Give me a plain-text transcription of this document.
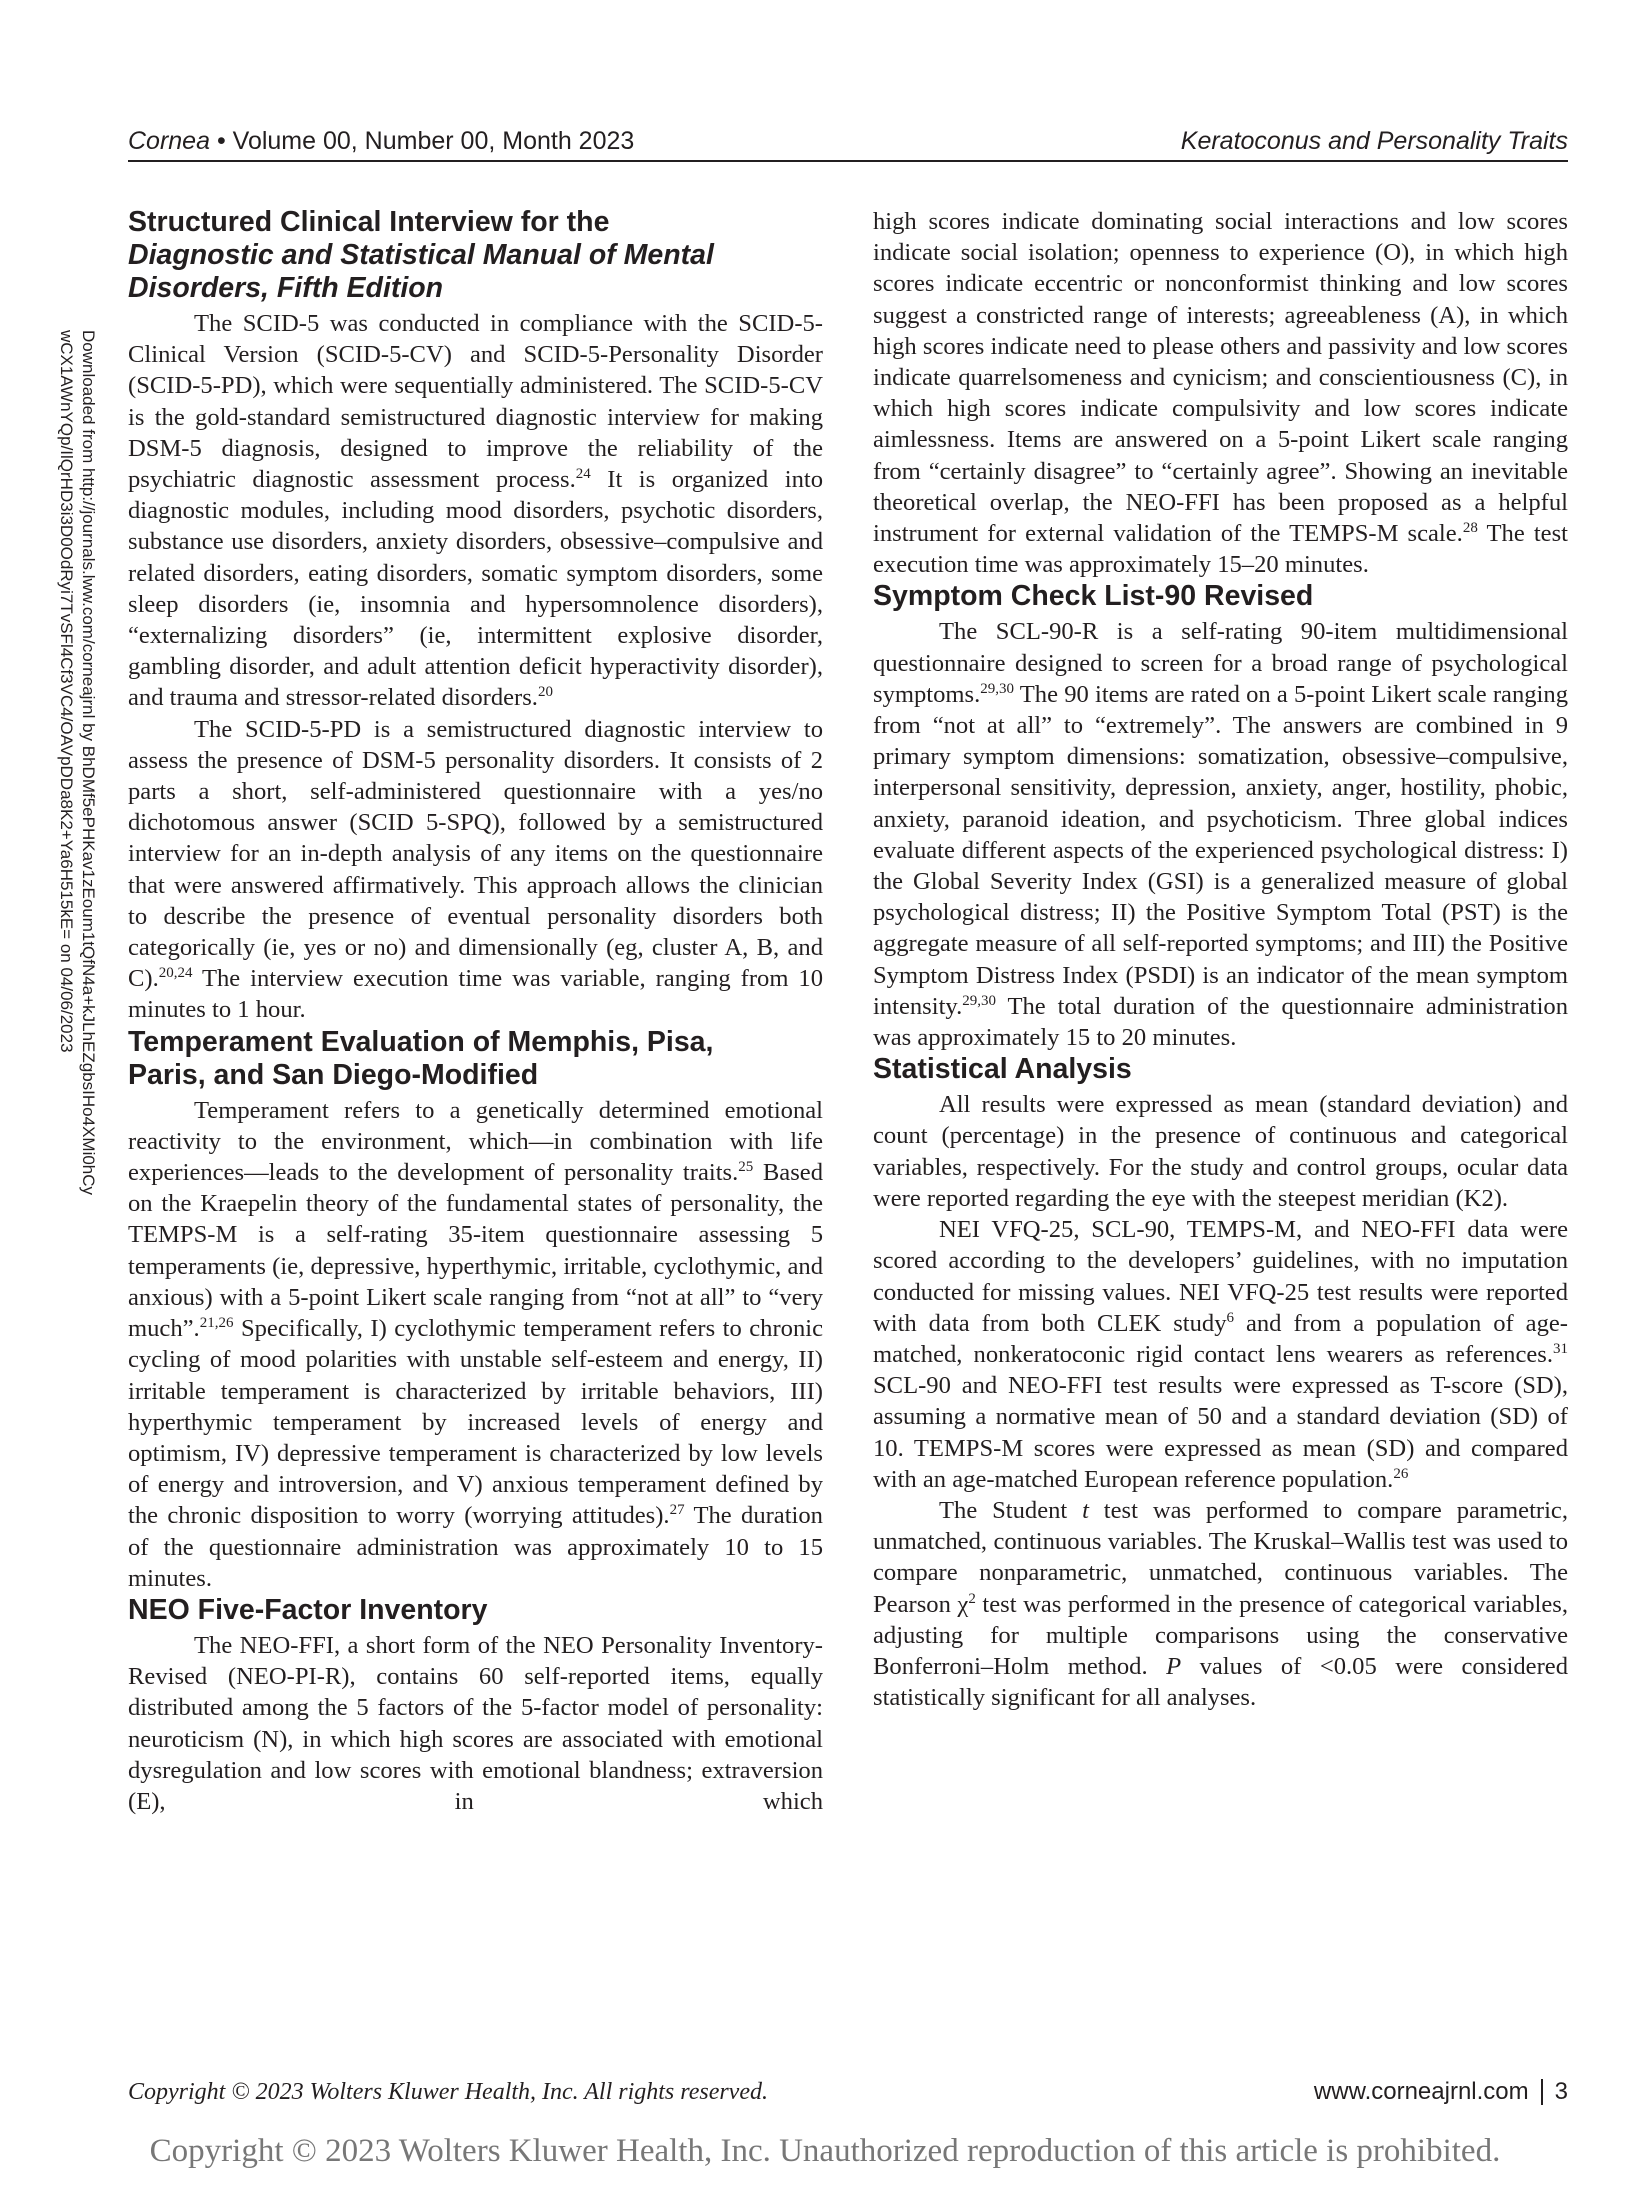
Cornea • Volume 00, Number 00, Month 2023	Keratoconus and Personality Traits
Downloaded from http://journals.lww.com/corneajrnl by BhDMf5ePHKav1zEoum1tQfN4a+kJLhEZgbsIHo4XMi0hCy
wCX1AWnYQp/IlQrHD3i3D0OdRyi7TvSFl4Cf3VC4/OAVpDDa8K2+Ya6H515kE= on 04/06/2023
Structured Clinical Interview for the
Diagnostic and Statistical Manual of Mental
Disorders, Fifth Edition

The SCID-5 was conducted in compliance with the SCID-5-Clinical Version (SCID-5-CV) and SCID-5-Personality Disorder (SCID-5-PD), which were sequentially administered. The SCID-5-CV is the gold-standard semistructured diagnostic interview for making DSM-5 diagnosis, designed to improve the reliability of the psychiatric diagnostic assessment process.$^{24}$ It is organized into diagnostic modules, including mood disorders, psychotic disorders, substance use disorders, anxiety disorders, obsessive–compulsive and related disorders, eating disorders, somatic symptom disorders, some sleep disorders (ie, insomnia and hypersomnolence disorders), “externalizing disorders” (ie, intermittent explosive disorder, gambling disorder, and adult attention deficit hyperactivity disorder), and trauma and stressor-related disorders.$^{20}$

The SCID-5-PD is a semistructured diagnostic interview to assess the presence of DSM-5 personality disorders. It consists of 2 parts a short, self-administered questionnaire with a yes/no dichotomous answer (SCID 5-SPQ), followed by a semistructured interview for an in-depth analysis of any items on the questionnaire that were answered affirmatively. This approach allows the clinician to describe the presence of eventual personality disorders both categorically (ie, yes or no) and dimensionally (eg, cluster A, B, and C).$^{20,24}$ The interview execution time was variable, ranging from 10 minutes to 1 hour.

Temperament Evaluation of Memphis, Pisa,
Paris, and San Diego-Modified

Temperament refers to a genetically determined emotional reactivity to the environment, which—in combination with life experiences—leads to the development of personality traits.$^{25}$ Based on the Kraepelin theory of the fundamental states of personality, the TEMPS-M is a self-rating 35-item questionnaire assessing 5 temperaments (ie, depressive, hyperthymic, irritable, cyclothymic, and anxious) with a 5-point Likert scale ranging from “not at all” to “very much”.$^{21,26}$ Specifically, I) cyclothymic temperament refers to chronic cycling of mood polarities with unstable self-esteem and energy, II) irritable temperament is characterized by irritable behaviors, III) hyperthymic temperament by increased levels of energy and optimism, IV) depressive temperament is characterized by low levels of energy and introversion, and V) anxious temperament defined by the chronic disposition to worry (worrying attitudes).$^{27}$ The duration of the questionnaire administration was approximately 10 to 15 minutes.

NEO Five-Factor Inventory

The NEO-FFI, a short form of the NEO Personality Inventory-Revised (NEO-PI-R), contains 60 self-reported items, equally distributed among the 5 factors of the 5-factor model of personality: neuroticism (N), in which high scores are associated with emotional dysregulation and low scores with emotional blandness; extraversion (E), in which

high scores indicate dominating social interactions and low scores indicate social isolation; openness to experience (O), in which high scores indicate eccentric or nonconformist thinking and low scores suggest a constricted range of interests; agreeableness (A), in which high scores indicate need to please others and passivity and low scores indicate quarrelsomeness and cynicism; and conscientiousness (C), in which high scores indicate compulsivity and low scores indicate aimlessness. Items are answered on a 5-point Likert scale ranging from “certainly disagree” to “certainly agree”. Showing an inevitable theoretical overlap, the NEO-FFI has been proposed as a helpful instrument for external validation of the TEMPS-M scale.$^{28}$ The test execution time was approximately 15–20 minutes.

Symptom Check List-90 Revised

The SCL-90-R is a self-rating 90-item multidimensional questionnaire designed to screen for a broad range of psychological symptoms.$^{29,30}$ The 90 items are rated on a 5-point Likert scale ranging from “not at all” to “extremely”. The answers are combined in 9 primary symptom dimensions: somatization, obsessive–compulsive, interpersonal sensitivity, depression, anxiety, anger, hostility, phobic, anxiety, paranoid ideation, and psychoticism. Three global indices evaluate different aspects of the experienced psychological distress: I) the Global Severity Index (GSI) is a generalized measure of global psychological distress; II) the Positive Symptom Total (PST) is the aggregate measure of all self-reported symptoms; and III) the Positive Symptom Distress Index (PSDI) is an indicator of the mean symptom intensity.$^{29,30}$ The total duration of the questionnaire administration was approximately 15 to 20 minutes.

Statistical Analysis

All results were expressed as mean (standard deviation) and count (percentage) in the presence of continuous and categorical variables, respectively. For the study and control groups, ocular data were reported regarding the eye with the steepest meridian (K2).

NEI VFQ-25, SCL-90, TEMPS-M, and NEO-FFI data were scored according to the developers’ guidelines, with no imputation conducted for missing values. NEI VFQ-25 test results were reported with data from both CLEK study$^6$ and from a population of age-matched, nonkeratoconic rigid contact lens wearers as references.$^{31}$ SCL-90 and NEO-FFI test results were expressed as T-score (SD), assuming a normative mean of 50 and a standard deviation (SD) of 10. TEMPS-M scores were expressed as mean (SD) and compared with an age-matched European reference population.$^{26}$

The Student t test was performed to compare parametric, unmatched, continuous variables. The Kruskal–Wallis test was used to compare nonparametric, unmatched, continuous variables. The Pearson $\chi^2$ test was performed in the presence of categorical variables, adjusting for multiple comparisons using the conservative Bonferroni–Holm method. P values of <0.05 were considered statistically significant for all analyses.

Copyright © 2023 Wolters Kluwer Health, Inc. All rights reserved.	www.corneajrnl.com 3
Copyright © 2023 Wolters Kluwer Health, Inc. Unauthorized reproduction of this article is prohibited.
